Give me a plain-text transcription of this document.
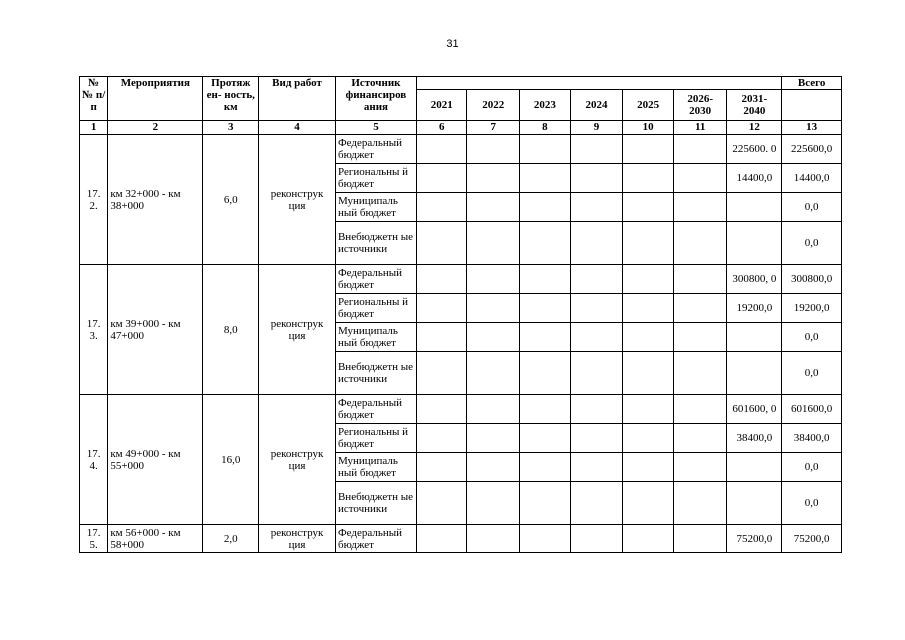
31
№ № п/п	Мероприятия	Протяж ен- ность, км	Вид работ	Источник финансиров ания								Всего
					2021	2022	2023	2024	2025	2026- 2030	2031- 2040	
1	2	3	4	5	6	7	8	9	10	11	12	13
17. 2.	км 32+000 - км 38+000	6,0	реконструк ция	Федеральный бюджет							225600. 0	225600,0
				Региональны й бюджет							14400,0	14400,0
				Муниципаль ный бюджет								0,0
				Внебюджетн ые источники								0,0
17. 3.	км 39+000 - км 47+000	8,0	реконструк ция	Федеральный бюджет							300800, 0	300800,0
				Региональны й бюджет							19200,0	19200,0
				Муниципаль ный бюджет								0,0
				Внебюджетн ые источники								0,0
17. 4.	км 49+000 - км 55+000	16,0	реконструк ция	Федеральный бюджет							601600, 0	601600,0
				Региональны й бюджет							38400,0	38400,0
				Муниципаль ный бюджет								0,0
				Внебюджетн ые источники								0,0
17. 5.	км 56+000 - км 58+000	2,0	реконструк ция	Федеральный бюджет							75200,0	75200,0
